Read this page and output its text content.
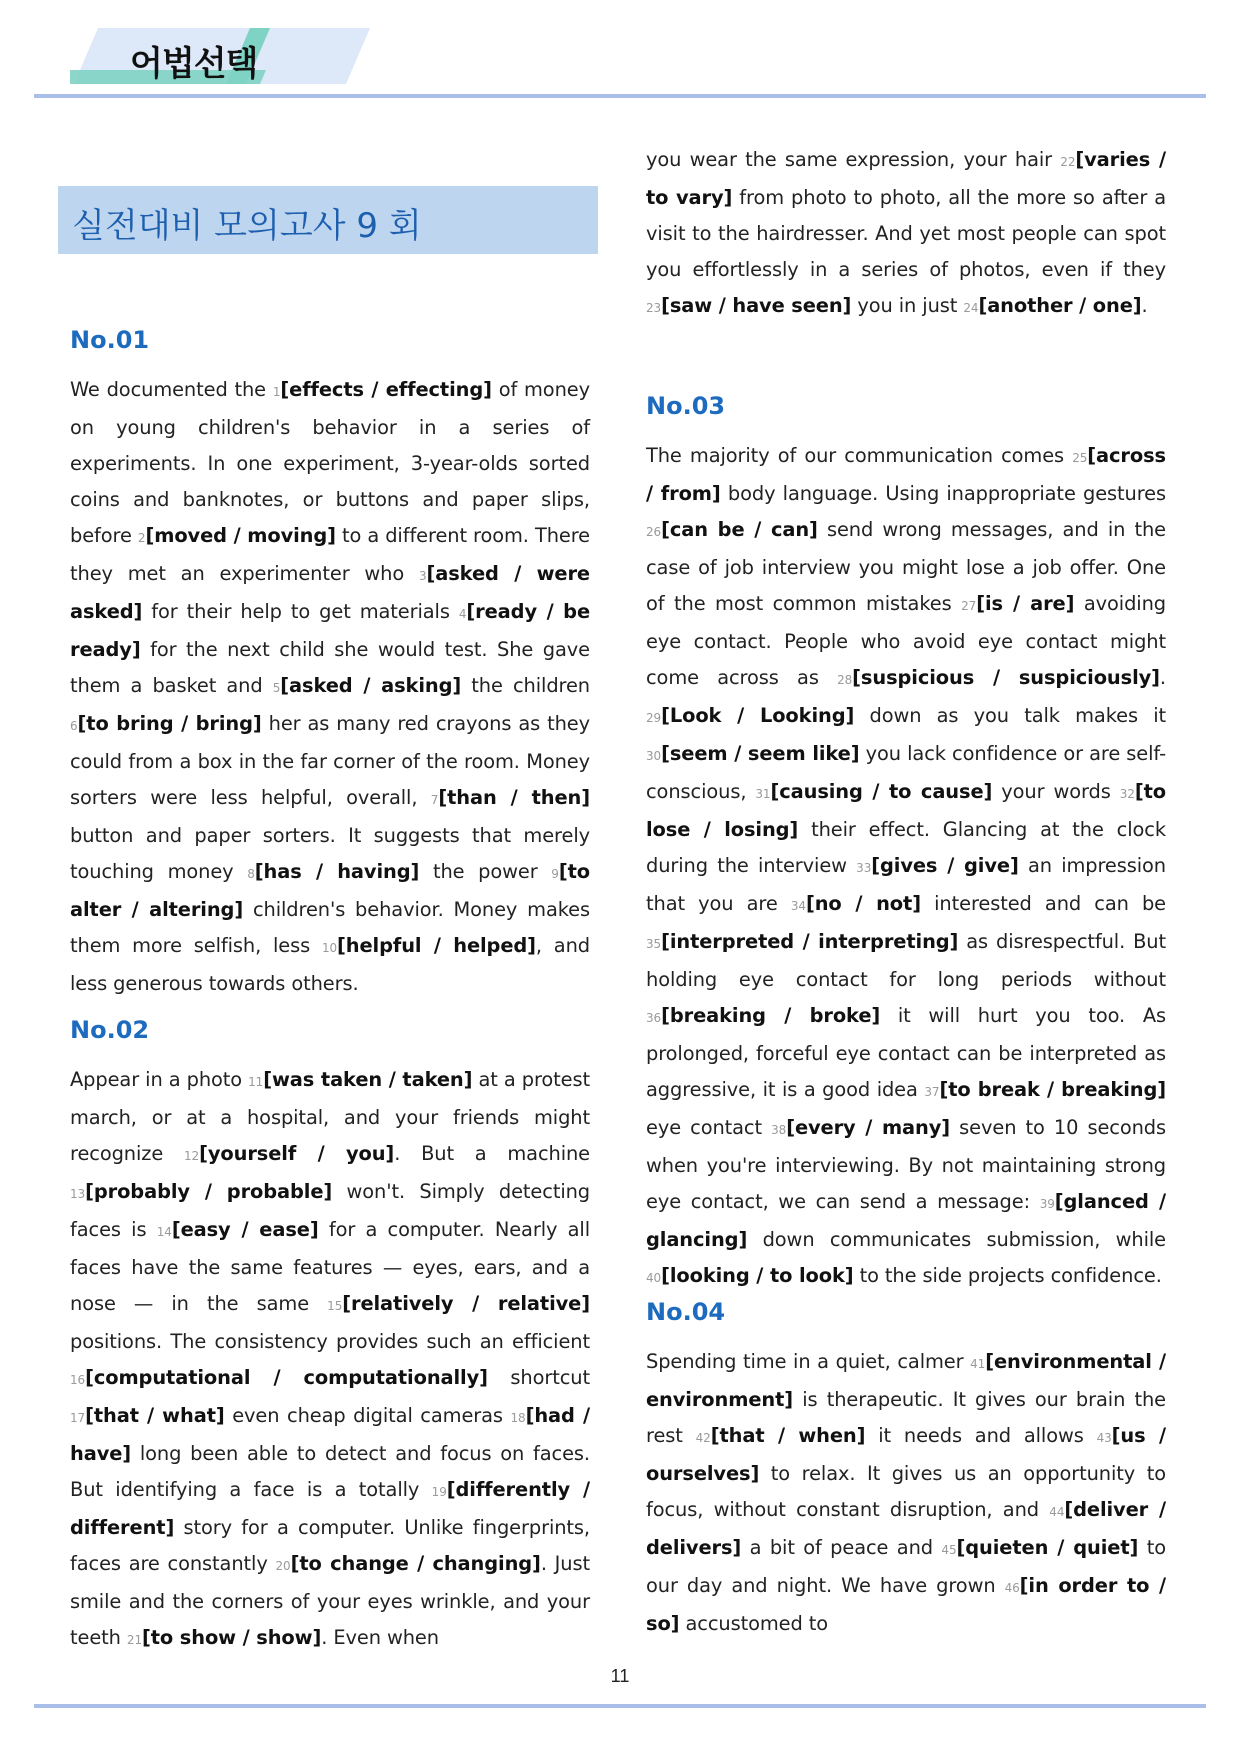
어법선택
실전대비 모의고사 9 회
No.01
We documented the 1[effects / effecting] of money on young children's behavior in a series of experiments. In one experiment, 3-year-olds sorted coins and banknotes, or buttons and paper slips, before 2[moved / moving] to a different room. There they met an experimenter who 3[asked / were asked] for their help to get materials 4[ready / be ready] for the next child she would test. She gave them a basket and 5[asked / asking] the children 6[to bring / bring] her as many red crayons as they could from a box in the far corner of the room. Money sorters were less helpful, overall, 7[than / then] button and paper sorters. It suggests that merely touching money 8[has / having] the power 9[to alter / altering] children's behavior. Money makes them more selfish, less 10[helpful / helped], and less generous towards others.
No.02
Appear in a photo 11[was taken / taken] at a protest march, or at a hospital, and your friends might recognize 12[yourself / you]. But a machine 13[probably / probable] won't. Simply detecting faces is 14[easy / ease] for a computer. Nearly all faces have the same features — eyes, ears, and a nose — in the same 15[relatively / relative] positions. The consistency provides such an efficient 16[computational / computationally] shortcut 17[that / what] even cheap digital cameras 18[had / have] long been able to detect and focus on faces. But identifying a face is a totally 19[differently / different] story for a computer. Unlike fingerprints, faces are constantly 20[to change / changing]. Just smile and the corners of your eyes wrinkle, and your teeth 21[to show / show]. Even when
you wear the same expression, your hair 22[varies / to vary] from photo to photo, all the more so after a visit to the hairdresser. And yet most people can spot you effortlessly in a series of photos, even if they 23[saw / have seen] you in just 24[another / one].
No.03
The majority of our communication comes 25[across / from] body language. Using inappropriate gestures 26[can be / can] send wrong messages, and in the case of job interview you might lose a job offer. One of the most common mistakes 27[is / are] avoiding eye contact. People who avoid eye contact might come across as 28[suspicious / suspiciously]. 29[Look / Looking] down as you talk makes it 30[seem / seem like] you lack confidence or are self-conscious, 31[causing / to cause] your words 32[to lose / losing] their effect. Glancing at the clock during the interview 33[gives / give] an impression that you are 34[no / not] interested and can be 35[interpreted / interpreting] as disrespectful. But holding eye contact for long periods without 36[breaking / broke] it will hurt you too. As prolonged, forceful eye contact can be interpreted as aggressive, it is a good idea 37[to break / breaking] eye contact 38[every / many] seven to 10 seconds when you're interviewing. By not maintaining strong eye contact, we can send a message: 39[glanced / glancing] down communicates submission, while 40[looking / to look] to the side projects confidence.
No.04
Spending time in a quiet, calmer 41[environmental / environment] is therapeutic. It gives our brain the rest 42[that / when] it needs and allows 43[us / ourselves] to relax. It gives us an opportunity to focus, without constant disruption, and 44[deliver / delivers] a bit of peace and 45[quieten / quiet] to our day and night. We have grown 46[in order to / so] accustomed to
11
